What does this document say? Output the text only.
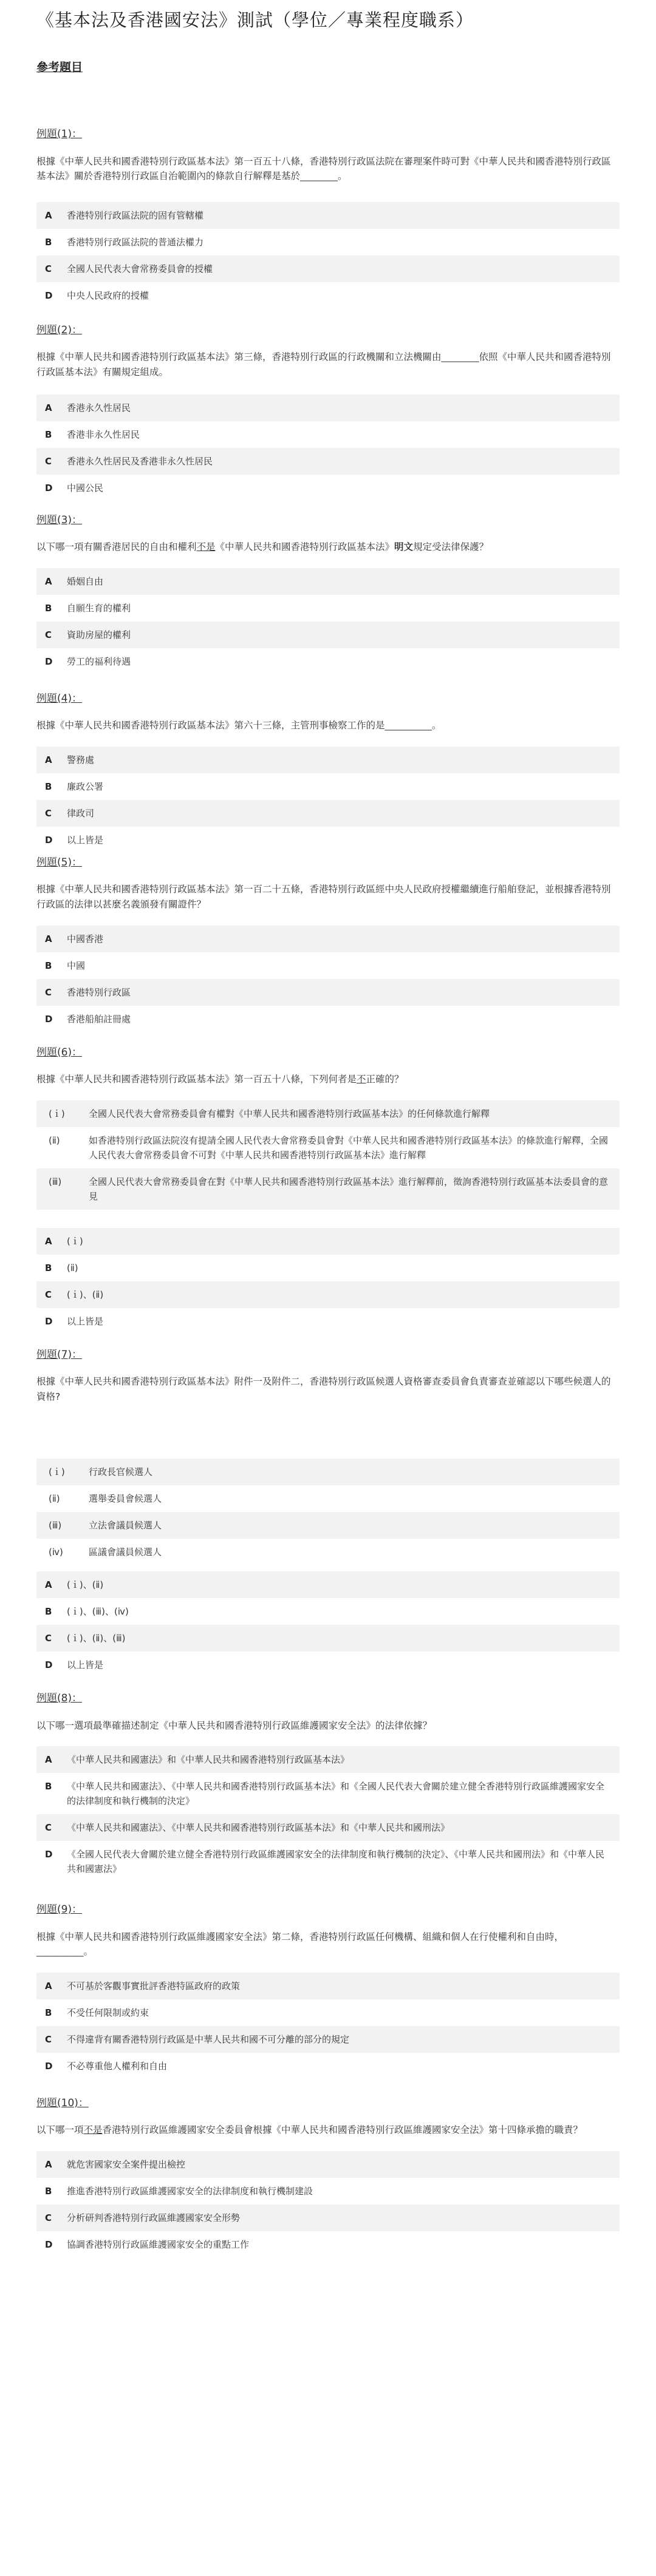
《基本法及香港國安法》測試（學位／專業程度職系）
參考題目
例題(1)：
根據《中華人民共和國香港特別行政區基本法》第一百五十八條，香港特別行政區法院在審理案件時可對《中華人民共和國香港特別行政區基本法》關於香港特別行政區自治範圍內的條款自行解釋是基於________。
A	香港特別行政區法院的固有管轄權
B	香港特別行政區法院的普通法權力
C	全國人民代表大會常務委員會的授權
D	中央人民政府的授權
例題(2)：
根據《中華人民共和國香港特別行政區基本法》第三條，香港特別行政區的行政機關和立法機關由________依照《中華人民共和國香港特別行政區基本法》有關規定組成。
A	香港永久性居民
B	香港非永久性居民
C	香港永久性居民及香港非永久性居民
D	中國公民
例題(3)：
以下哪一項有關香港居民的自由和權利不是《中華人民共和國香港特別行政區基本法》明文規定受法律保護？
A	婚姻自由
B	自願生育的權利
C	資助房屋的權利
D	勞工的福利待遇
例題(4)：
根據《中華人民共和國香港特別行政區基本法》第六十三條，主管刑事檢察工作的是__________。
A	警務處
B	廉政公署
C	律政司
D	以上皆是
例題(5)：
根據《中華人民共和國香港特別行政區基本法》第一百二十五條，香港特別行政區經中央人民政府授權繼續進行船舶登記，並根據香港特別行政區的法律以甚麼名義頒發有關證件？
A	中國香港
B	中國
C	香港特別行政區
D	香港船舶註冊處
例題(6)：
根據《中華人民共和國香港特別行政區基本法》第一百五十八條，下列何者是不正確的？
(ｉ)	全國人民代表大會常務委員會有權對《中華人民共和國香港特別行政區基本法》的任何條款進行解釋
(ⅱ)	如香港特別行政區法院沒有提請全國人民代表大會常務委員會對《中華人民共和國香港特別行政區基本法》的條款進行解釋，全國人民代表大會常務委員會不可對《中華人民共和國香港特別行政區基本法》進行解釋
(ⅲ)	全國人民代表大會常務委員會在對《中華人民共和國香港特別行政區基本法》進行解釋前，徵詢香港特別行政區基本法委員會的意見
A	(ｉ)
B	(ⅱ)
C	(ｉ)、(ⅱ)
D	以上皆是
例題(7)：
根據《中華人民共和國香港特別行政區基本法》附件一及附件二，香港特別行政區候選人資格審查委員會負責審查並確認以下哪些候選人的資格?
(ｉ)	行政長官候選人
(ⅱ)	選舉委員會候選人
(ⅲ)	立法會議員候選人
(ⅳ)	區議會議員候選人
A	(ｉ)、(ⅱ)
B	(ｉ)、(ⅲ)、(ⅳ)
C	(ｉ)、(ⅱ)、(ⅲ)
D	以上皆是
例題(8)：
以下哪一選項最準確描述制定《中華人民共和國香港特別行政區維護國家安全法》的法律依據？
A	《中華人民共和國憲法》和《中華人民共和國香港特別行政區基本法》
B	《中華人民共和國憲法》、《中華人民共和國香港特別行政區基本法》和《全國人民代表大會關於建立健全香港特別行政區維護國家安全的法律制度和執行機制的決定》
C	《中華人民共和國憲法》、《中華人民共和國香港特別行政區基本法》和《中華人民共和國刑法》
D	《全國人民代表大會關於建立健全香港特別行政區維護國家安全的法律制度和執行機制的決定》、《中華人民共和國刑法》和《中華人民共和國憲法》
例題(9)：
根據《中華人民共和國香港特別行政區維護國家安全法》第二條，香港特別行政區任何機構、組織和個人在行使權利和自由時，__________。
A	不可基於客觀事實批評香港特區政府的政策
B	不受任何限制或約束
C	不得違背有關香港特別行政區是中華人民共和國不可分離的部分的規定
D	不必尊重他人權利和自由
例題(10)：
以下哪一項不是香港特別行政區維護國家安全委員會根據《中華人民共和國香港特別行政區維護國家安全法》第十四條承擔的職責？
A	就危害國家安全案件提出檢控
B	推進香港特別行政區維護國家安全的法律制度和執行機制建設
C	分析研判香港特別行政區維護國家安全形勢
D	協調香港特別行政區維護國家安全的重點工作
